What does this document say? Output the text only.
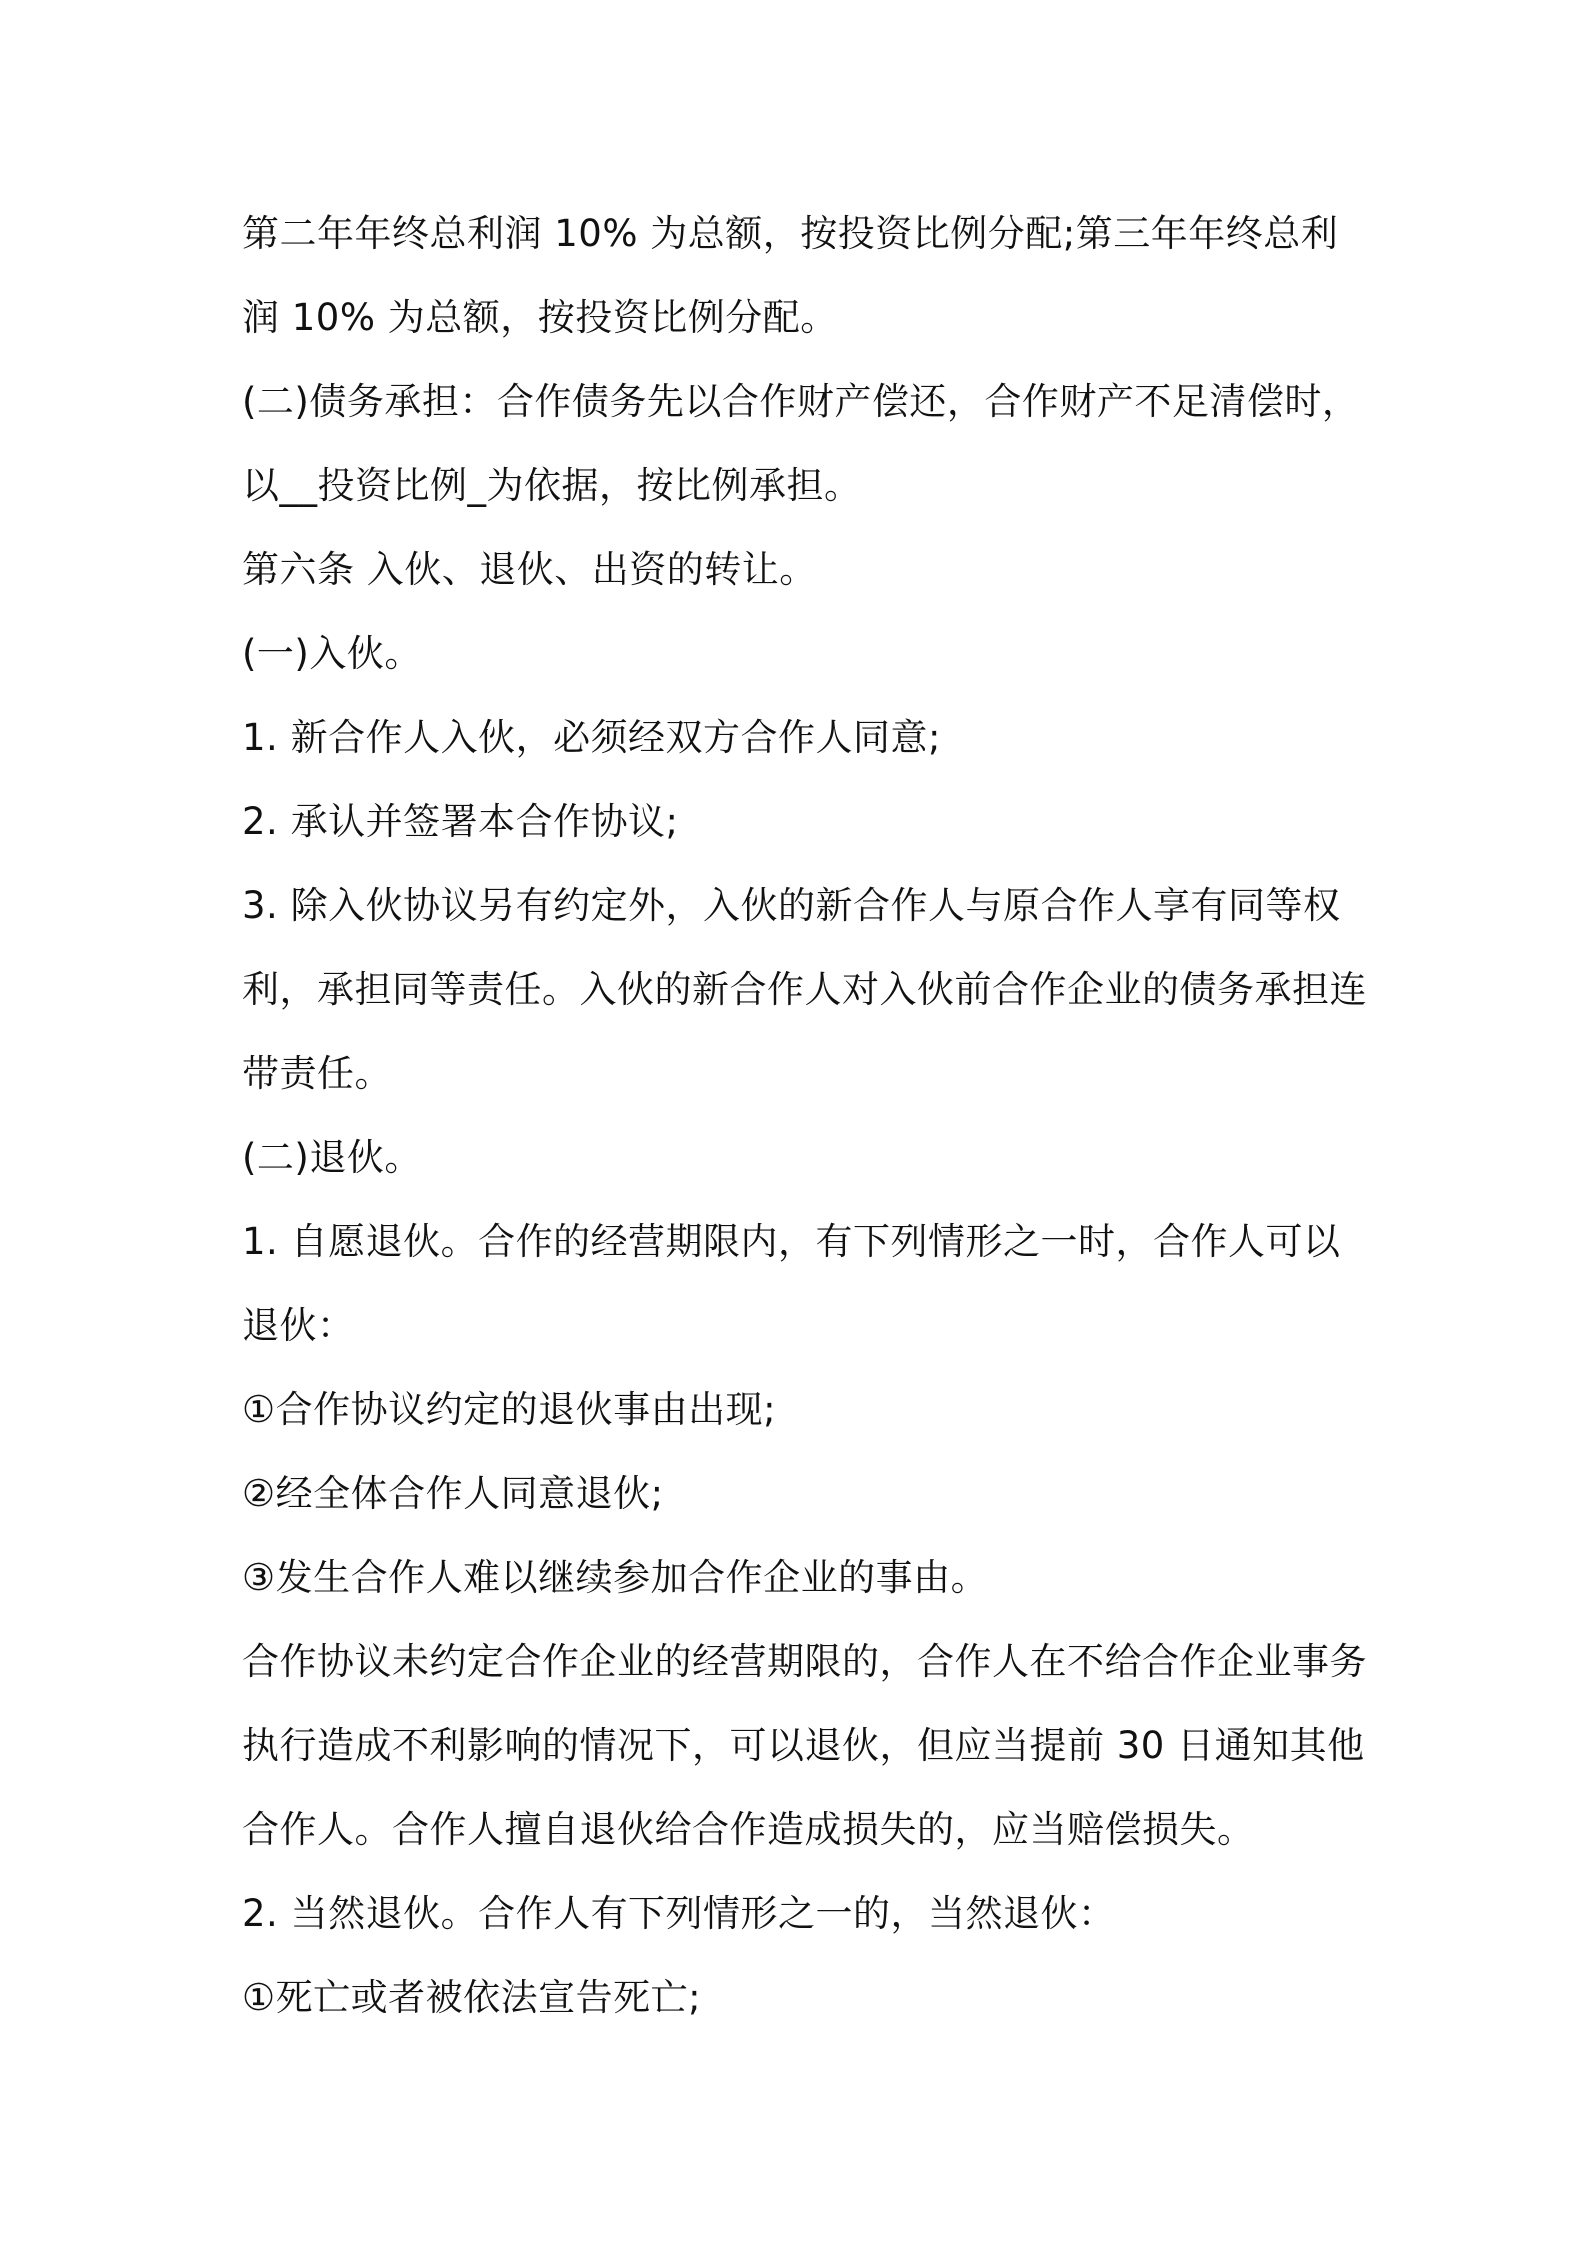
第二年年终总利润 10% 为总额，按投资比例分配;第三年年终总利
润 10% 为总额，按投资比例分配。
(二)债务承担：合作债务先以合作财产偿还，合作财产不足清偿时，
以__投资比例_为依据，按比例承担。
第六条 入伙、退伙、出资的转让。
(一)入伙。
1. 新合作人入伙，必须经双方合作人同意;
2. 承认并签署本合作协议;
3. 除入伙协议另有约定外，入伙的新合作人与原合作人享有同等权
利，承担同等责任。入伙的新合作人对入伙前合作企业的债务承担连
带责任。
(二)退伙。
1. 自愿退伙。合作的经营期限内，有下列情形之一时，合作人可以
退伙：
①合作协议约定的退伙事由出现;
②经全体合作人同意退伙;
③发生合作人难以继续参加合作企业的事由。
合作协议未约定合作企业的经营期限的，合作人在不给合作企业事务
执行造成不利影响的情况下，可以退伙，但应当提前 30 日通知其他
合作人。合作人擅自退伙给合作造成损失的，应当赔偿损失。
2. 当然退伙。合作人有下列情形之一的，当然退伙：
①死亡或者被依法宣告死亡;
